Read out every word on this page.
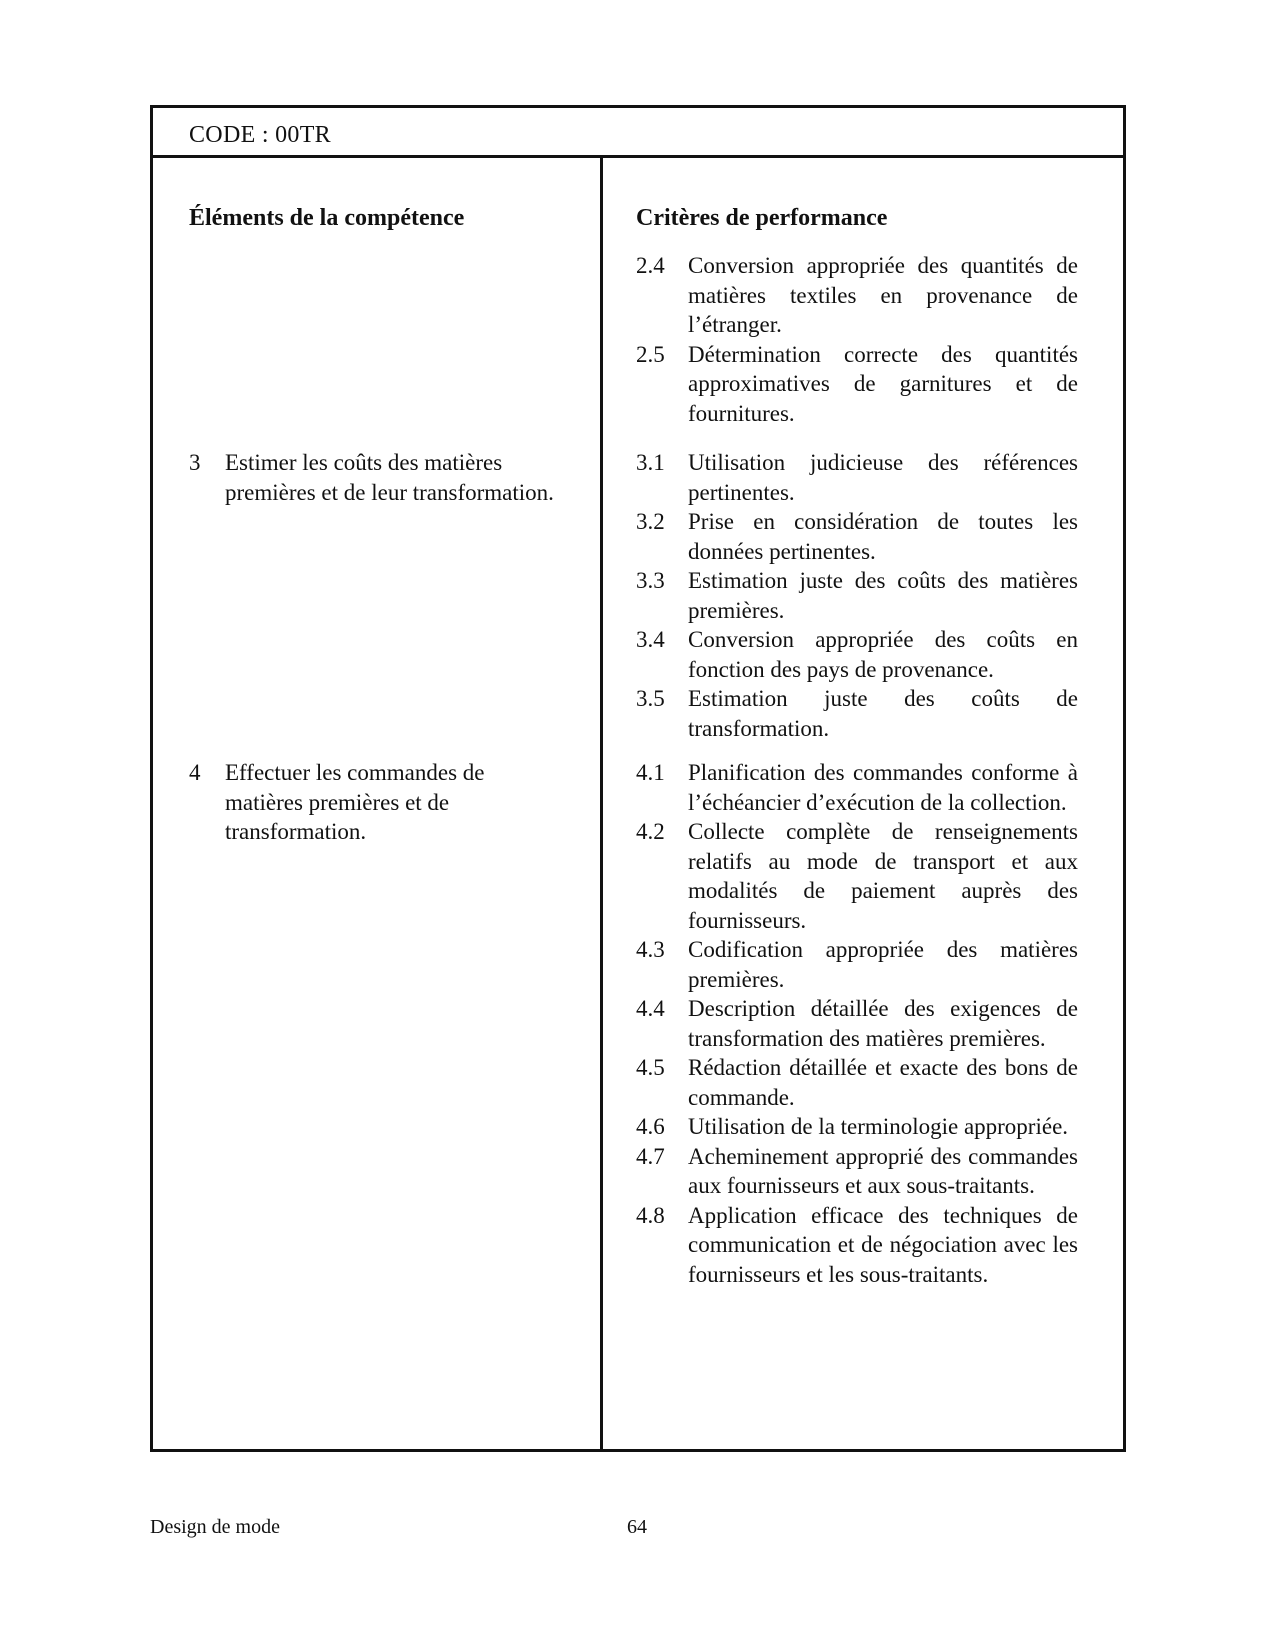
CODE : 00TR
Éléments de la compétence	Critères de performance
3 Estimer les coûts des matières premières et de leur transformation.
4 Effectuer les commandes de matières premières et de transformation.
2.4 Conversion appropriée des quantités de matières textiles en provenance de l’étranger.
2.5 Détermination correcte des quantités approximatives de garnitures et de fournitures.
3.1 Utilisation judicieuse des références pertinentes.
3.2 Prise en considération de toutes les données pertinentes.
3.3 Estimation juste des coûts des matières premières.
3.4 Conversion appropriée des coûts en fonction des pays de provenance.
3.5 Estimation juste des coûts de transformation.
4.1 Planification des commandes conforme à l’échéancier d’exécution de la collection.
4.2 Collecte complète de renseignements relatifs au mode de transport et aux modalités de paiement auprès des fournisseurs.
4.3 Codification appropriée des matières premières.
4.4 Description détaillée des exigences de transformation des matières premières.
4.5 Rédaction détaillée et exacte des bons de commande.
4.6 Utilisation de la terminologie appropriée.
4.7 Acheminement approprié des commandes aux fournisseurs et aux sous-traitants.
4.8 Application efficace des techniques de communication et de négociation avec les fournisseurs et les sous-traitants.
Design de mode	64
